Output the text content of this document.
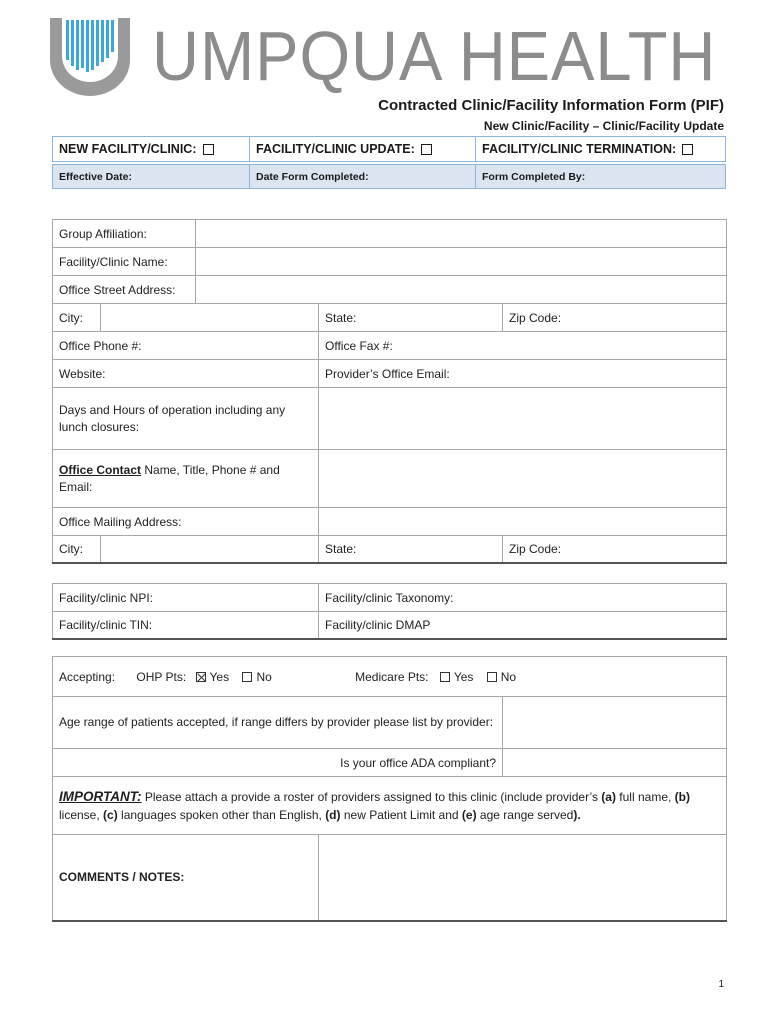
UMPQUA HEALTH
Contracted Clinic/Facility Information Form (PIF)
New Clinic/Facility – Clinic/Facility Update
NEW FACILITY/CLINIC:	FACILITY/CLINIC UPDATE:	FACILITY/CLINIC TERMINATION:
Effective Date:	Date Form Completed:	Form Completed By:
Group Affiliation:				
Facility/Clinic Name:				
Office Street Address:				
City:			State:	Zip Code:
Office Phone #:			Office Fax #:	
Website:			Provider’s Office Email:	
Days and Hours of operation including any lunch closures:				
Office Contact Name, Title, Phone # and Email:				
Office Mailing Address:				
City:			State:	Zip Code:
Facility/clinic NPI:	Facility/clinic Taxonomy:
Facility/clinic TIN:	Facility/clinic DMAP
Accepting: OHP Pts: Yes No Medicare Pts: Yes No		
Age range of patients accepted, if range differs by provider please list by provider:		
Is your office ADA compliant?		
IMPORTANT: Please attach a provide a roster of providers assigned to this clinic (include provider’s (a) full name, (b) license, (c) languages spoken other than English, (d) new Patient Limit and (e) age range served).		
COMMENTS / NOTES:		
1
